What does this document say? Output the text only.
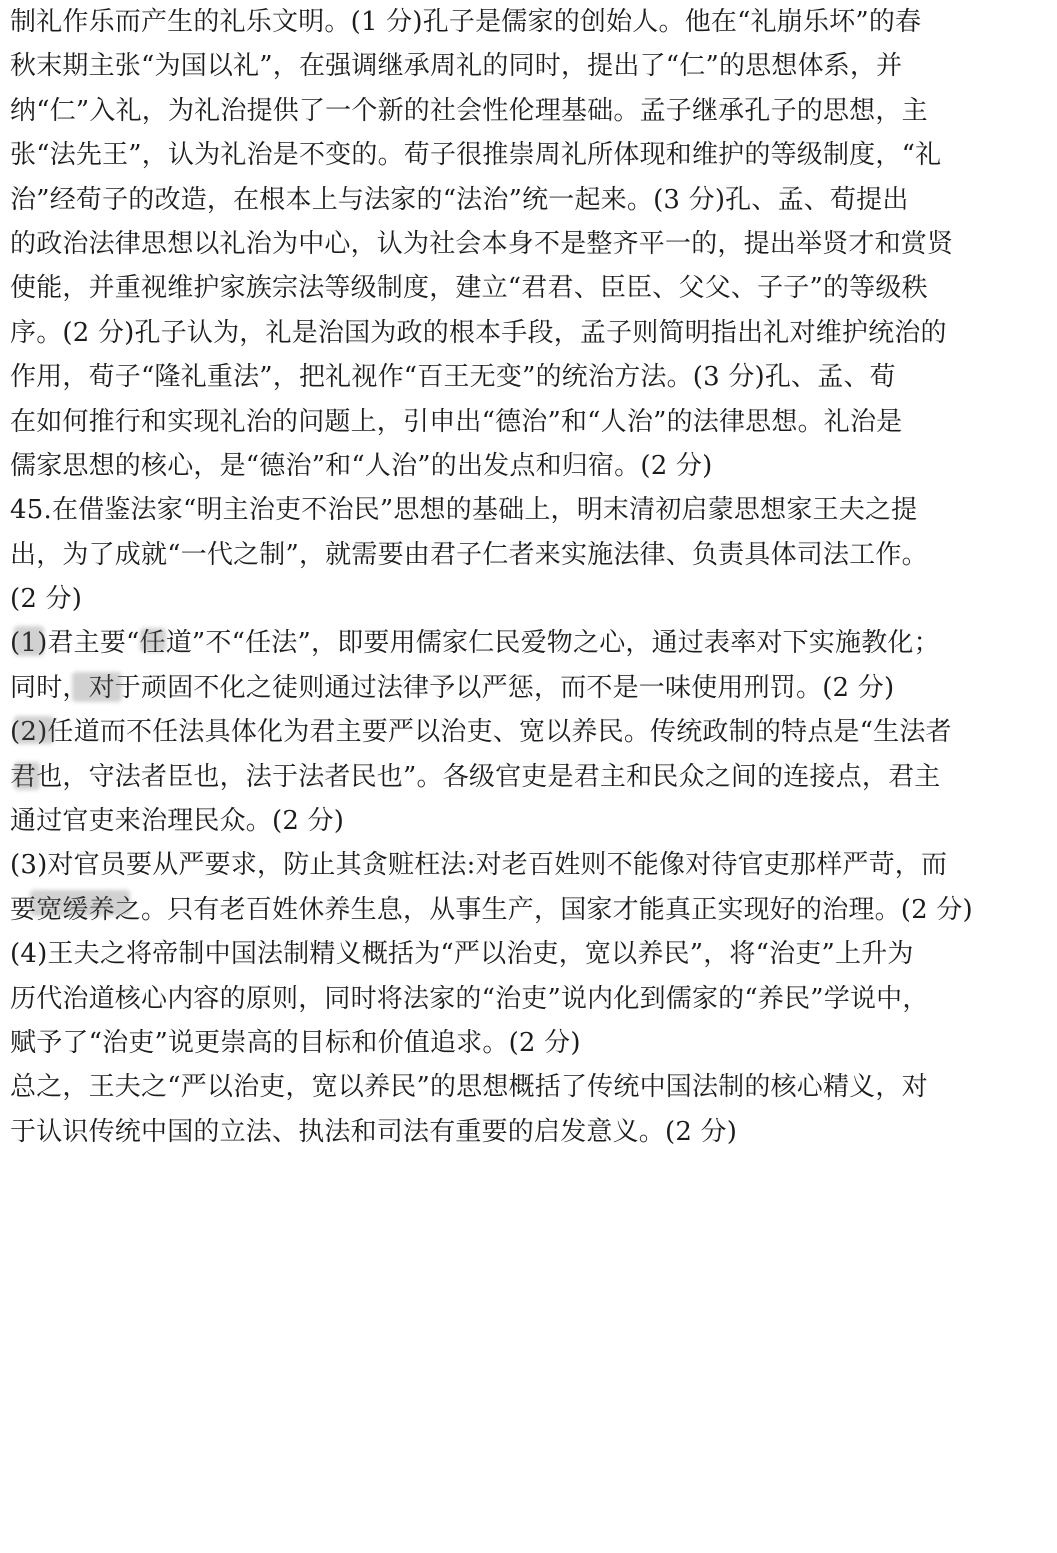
制礼作乐而产生的礼乐文明。(1 分)孔子是儒家的创始人。他在“礼崩乐坏”的春
秋末期主张“为国以礼”，在强调继承周礼的同时，提出了“仁”的思想体系，并
纳“仁”入礼，为礼治提供了一个新的社会性伦理基础。孟子继承孔子的思想，主
张“法先王”，认为礼治是不变的。荀子很推崇周礼所体现和维护的等级制度，“礼
治”经荀子的改造，在根本上与法家的“法治”统一起来。(3 分)孔、孟、荀提出
的政治法律思想以礼治为中心，认为社会本身不是整齐平一的，提出举贤才和赏贤
使能，并重视维护家族宗法等级制度，建立“君君、臣臣、父父、子子”的等级秩
序。(2 分)孔子认为，礼是治国为政的根本手段，孟子则简明指出礼对维护统治的
作用，荀子“隆礼重法”，把礼视作“百王无变”的统治方法。(3 分)孔、孟、荀
在如何推行和实现礼治的问题上，引申出“德治”和“人治”的法律思想。礼治是
儒家思想的核心，是“德治”和“人治”的出发点和归宿。(2 分)
45.在借鉴法家“明主治吏不治民”思想的基础上，明末清初启蒙思想家王夫之提
出，为了成就“一代之制”，就需要由君子仁者来实施法律、负责具体司法工作。
(2 分)
(1)君主要“任道”不“任法”，即要用儒家仁民爱物之心，通过表率对下实施教化；
同时，对于顽固不化之徒则通过法律予以严惩，而不是一味使用刑罚。(2 分)
(2)任道而不任法具体化为君主要严以治吏、宽以养民。传统政制的特点是“生法者
君也，守法者臣也，法于法者民也”。各级官吏是君主和民众之间的连接点，君主
通过官吏来治理民众。(2 分)
(3)对官员要从严要求，防止其贪赃枉法:对老百姓则不能像对待官吏那样严苛，而
要宽缓养之。只有老百姓休养生息，从事生产，国家才能真正实现好的治理。(2 分)
(4)王夫之将帝制中国法制精义概括为“严以治吏，宽以养民”，将“治吏”上升为
历代治道核心内容的原则，同时将法家的“治吏”说内化到儒家的“养民”学说中，
赋予了“治吏”说更崇高的目标和价值追求。(2 分)
总之，王夫之“严以治吏，宽以养民”的思想概括了传统中国法制的核心精义，对
于认识传统中国的立法、执法和司法有重要的启发意义。(2 分)
